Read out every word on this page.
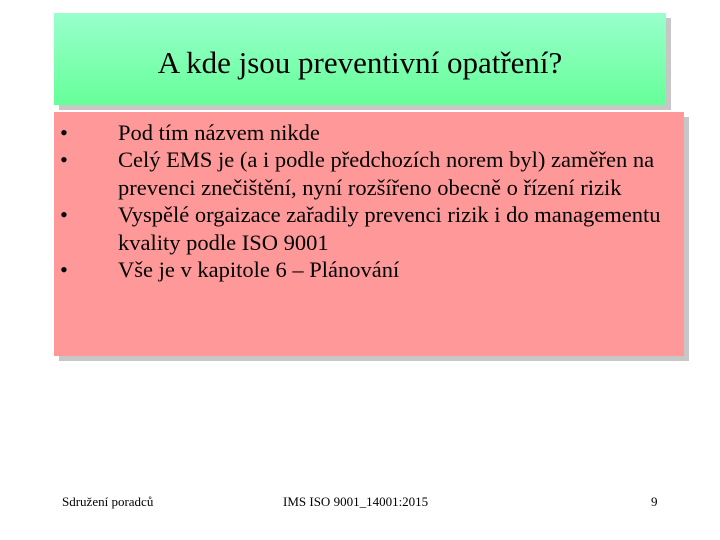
A kde jsou preventivní opatření?
• Pod tím názvem nikde
• Celý EMS je (a i podle předchozích norem byl) zaměřen na prevenci znečištění, nyní rozšířeno obecně o řízení rizik
• Vyspělé orgaizace zařadily prevenci rizik i do managementu kvality podle ISO 9001
• Vše je v kapitole 6 – Plánování
Sdružení poradců	IMS ISO 9001_14001:2015	9
